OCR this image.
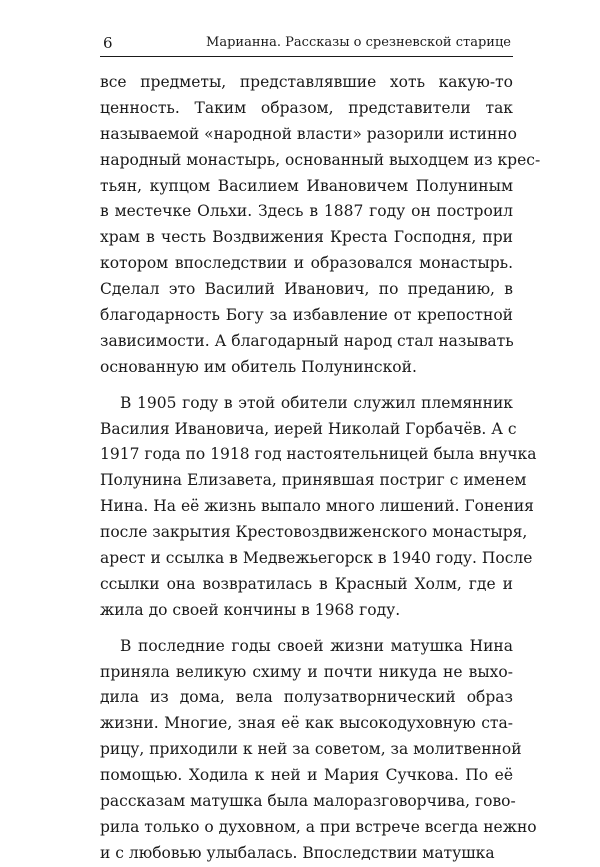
6	Марианна. Рассказы о срезневской старице
все предметы, представлявшие хоть какую-то
ценность. Таким образом, представители так
называемой «народной власти» разорили истинно
народный монастырь, основанный выходцем из крес-
тьян, купцом Василием Ивановичем Полуниным
в местечке Ольхи. Здесь в 1887 году он построил
храм в честь Воздвижения Креста Господня, при
котором впоследствии и образовался монастырь.
Сделал это Василий Иванович, по преданию, в
благодарность Богу за избавление от крепостной
зависимости. А благодарный народ стал называть
основанную им обитель Полунинской.
В 1905 году в этой обители служил племянник
Василия Ивановича, иерей Николай Горбачёв. А с
1917 года по 1918 год настоятельницей была внучка
Полунина Елизавета, принявшая постриг с именем
Нина. На её жизнь выпало много лишений. Гонения
после закрытия Крестовоздвиженского монастыря,
арест и ссылка в Медвежьегорск в 1940 году. После
ссылки она возвратилась в Красный Холм, где и
жила до своей кончины в 1968 году.
В последние годы своей жизни матушка Нина
приняла великую схиму и почти никуда не выхо-
дила из дома, вела полузатворнический образ
жизни. Многие, зная её как высокодуховную ста-
рицу, приходили к ней за советом, за молитвенной
помощью. Ходила к ней и Мария Сучкова. По её
рассказам матушка была малоразговорчива, гово-
рила только о духовном, а при встрече всегда нежно
и с любовью улыбалась. Впоследствии матушка
